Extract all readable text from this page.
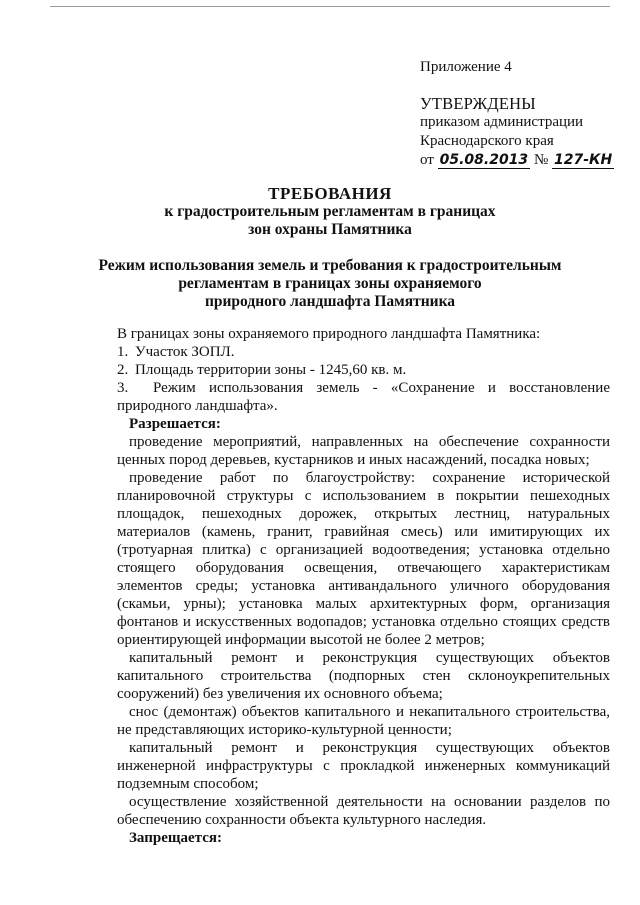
Приложение 4
УТВЕРЖДЕНЫ
приказом администрации
Краснодарского края
от 05.08.2013 № 127-КН
ТРЕБОВАНИЯ
к градостроительным регламентам в границах
зон охраны Памятника
Режим использования земель и требования к градостроительным
регламентам в границах зоны охраняемого
природного ландшафта Памятника

В границах зоны охраняемого природного ландшафта Памятника:

1. Участок ЗОПЛ.

2. Площадь территории зоны - 1245,60 кв. м.

3. Режим использования земель - «Сохранение и восстановление природного ландшафта».

Разрешается:

проведение мероприятий, направленных на обеспечение сохранности ценных пород деревьев, кустарников и иных насаждений, посадка новых;

проведение работ по благоустройству: сохранение исторической планировочной структуры с использованием в покрытии пешеходных площадок, пешеходных дорожек, открытых лестниц, натуральных материалов (камень, гранит, гравийная смесь) или имитирующих их (тротуарная плитка) с организацией водоотведения; установка отдельно стоящего оборудования освещения, отвечающего характеристикам элементов среды; установка антивандального уличного оборудования (скамьи, урны); установка малых архитектурных форм, организация фонтанов и искусственных водопадов; установка отдельно стоящих средств ориентирующей информации высотой не более 2 метров;

капитальный ремонт и реконструкция существующих объектов капитального строительства (подпорных стен склоноукрепительных сооружений) без увеличения их основного объема;

снос (демонтаж) объектов капитального и некапитального строительства, не представляющих историко-культурной ценности;

капитальный ремонт и реконструкция существующих объектов инженерной инфраструктуры с прокладкой инженерных коммуникаций подземным способом;

осуществление хозяйственной деятельности на основании разделов по обеспечению сохранности объекта культурного наследия.

Запрещается:
